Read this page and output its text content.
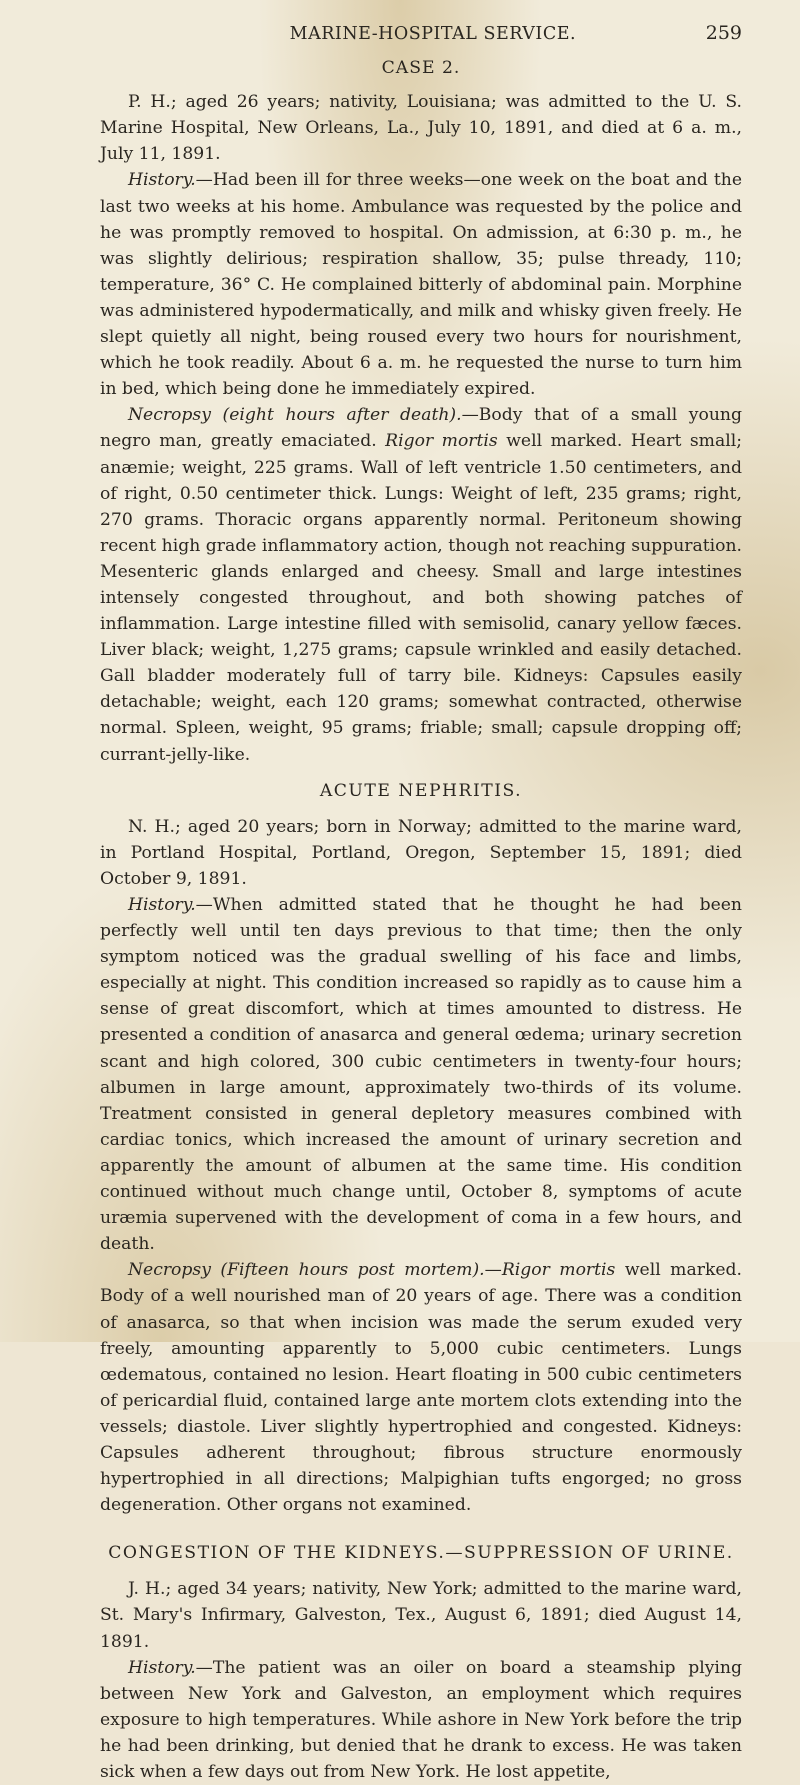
MARINE-HOSPITAL SERVICE.	259
CASE 2.

P. H.; aged 26 years; nativity, Louisiana; was admitted to the U. S. Marine Hospital, New Orleans, La., July 10, 1891, and died at 6 a. m., July 11, 1891.

History.—Had been ill for three weeks—one week on the boat and the last two weeks at his home. Ambulance was requested by the police and he was promptly removed to hospital. On admission, at 6:30 p. m., he was slightly delirious; respiration shallow, 35; pulse thready, 110; temperature, 36° C. He complained bitterly of abdominal pain. Morphine was administered hypodermatically, and milk and whisky given freely. He slept quietly all night, being roused every two hours for nourishment, which he took readily. About 6 a. m. he requested the nurse to turn him in bed, which being done he immediately expired.

Necropsy (eight hours after death).—Body that of a small young negro man, greatly emaciated. Rigor mortis well marked. Heart small; anæmie; weight, 225 grams. Wall of left ventricle 1.50 centimeters, and of right, 0.50 centimeter thick. Lungs: Weight of left, 235 grams; right, 270 grams. Thoracic organs apparently normal. Peritoneum showing recent high grade inflammatory action, though not reaching suppuration. Mesenteric glands enlarged and cheesy. Small and large intestines intensely congested throughout, and both showing patches of inflammation. Large intestine filled with semisolid, canary yellow fæces. Liver black; weight, 1,275 grams; capsule wrinkled and easily detached. Gall bladder moderately full of tarry bile. Kidneys: Capsules easily detachable; weight, each 120 grams; somewhat contracted, otherwise normal. Spleen, weight, 95 grams; friable; small; capsule dropping off; currant-jelly-like.

ACUTE NEPHRITIS.

N. H.; aged 20 years; born in Norway; admitted to the marine ward, in Portland Hospital, Portland, Oregon, September 15, 1891; died October 9, 1891.

History.—When admitted stated that he thought he had been perfectly well until ten days previous to that time; then the only symptom noticed was the gradual swelling of his face and limbs, especially at night. This condition increased so rapidly as to cause him a sense of great discomfort, which at times amounted to distress. He presented a condition of anasarca and general œdema; urinary secretion scant and high colored, 300 cubic centimeters in twenty-four hours; albumen in large amount, approximately two-thirds of its volume. Treatment consisted in general depletory measures combined with cardiac tonics, which increased the amount of urinary secretion and apparently the amount of albumen at the same time. His condition continued without much change until, October 8, symptoms of acute uræmia supervened with the development of coma in a few hours, and death.

Necropsy (Fifteen hours post mortem).—Rigor mortis well marked. Body of a well nourished man of 20 years of age. There was a condition of anasarca, so that when incision was made the serum exuded very freely, amounting apparently to 5,000 cubic centimeters. Lungs œdematous, contained no lesion. Heart floating in 500 cubic centimeters of pericardial fluid, contained large ante mortem clots extending into the vessels; diastole. Liver slightly hypertrophied and congested. Kidneys: Capsules adherent throughout; fibrous structure enormously hypertrophied in all directions; Malpighian tufts engorged; no gross degeneration. Other organs not examined.

CONGESTION OF THE KIDNEYS.—SUPPRESSION OF URINE.

J. H.; aged 34 years; nativity, New York; admitted to the marine ward, St. Mary's Infirmary, Galveston, Tex., August 6, 1891; died August 14, 1891.

History.—The patient was an oiler on board a steamship plying between New York and Galveston, an employment which requires exposure to high temperatures. While ashore in New York before the trip he had been drinking, but denied that he drank to excess. He was taken sick when a few days out from New York. He lost appetite,
